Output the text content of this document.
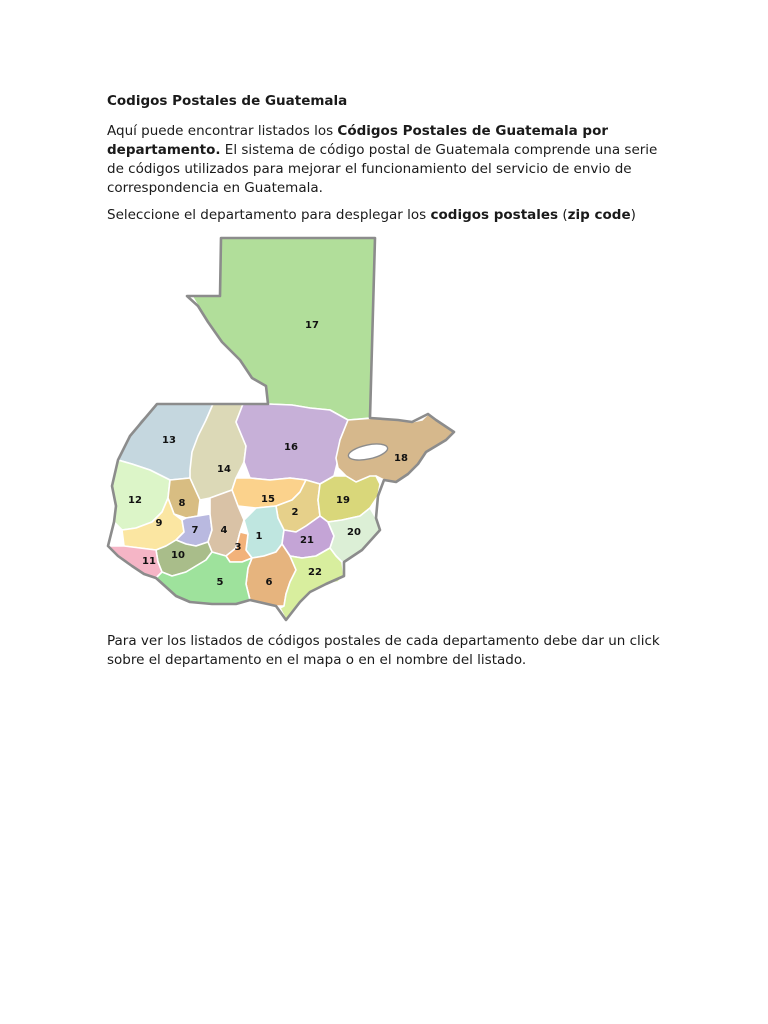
Codigos Postales de Guatemala

Aquí puede encontrar listados los Códigos Postales de Guatemala por departamento. El sistema de código postal de Guatemala comprende una serie de códigos utilizados para mejorar el funcionamiento del servicio de envio de correspondencia en Guatemala.

Seleccione el departamento para desplegar los codigos postales (zip code)

1
2
3
4
5	6
7
8
9
10
11
12
13
14
15
16
17
18
19
20
21
22

Para ver los listados de códigos postales de cada departamento debe dar un click sobre el departamento en el mapa o en el nombre del listado.
